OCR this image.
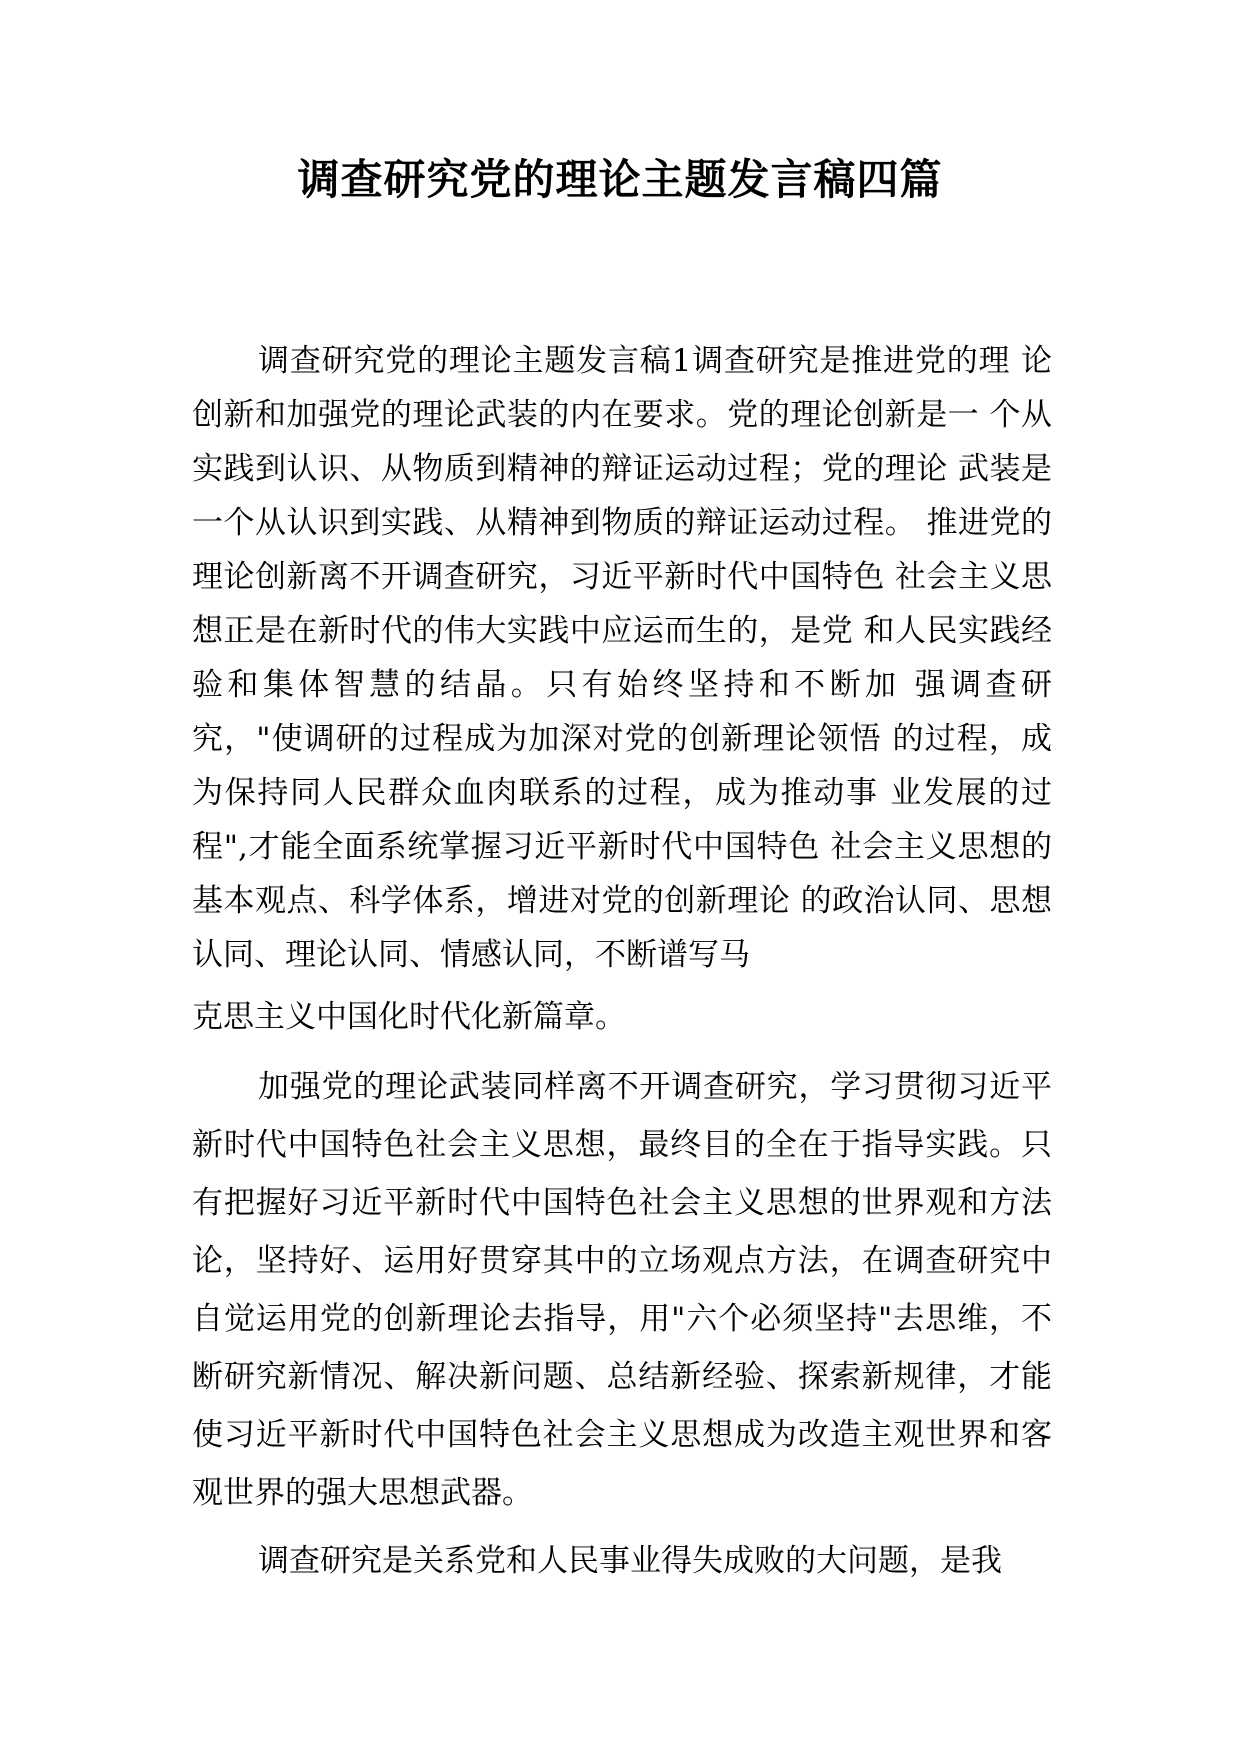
调查研究党的理论主题发言稿四篇

调查研究党的理论主题发言稿1调查研究是推进党的理 论创新和加强党的理论武装的内在要求。党的理论创新是一 个从实践到认识、从物质到精神的辩证运动过程；党的理论 武装是一个从认识到实践、从精神到物质的辩证运动过程。 推进党的理论创新离不开调查研究，习近平新时代中国特色 社会主义思想正是在新时代的伟大实践中应运而生的，是党 和人民实践经验和集体智慧的结晶。只有始终坚持和不断加 强调查研究，"使调研的过程成为加深对党的创新理论领悟 的过程，成为保持同人民群众血肉联系的过程，成为推动事 业发展的过程",才能全面系统掌握习近平新时代中国特色 社会主义思想的基本观点、科学体系，增进对党的创新理论 的政治认同、思想认同、理论认同、情感认同，不断谱写马

克思主义中国化时代化新篇章。

加强党的理论武装同样离不开调查研究，学习贯彻习近平新时代中国特色社会主义思想，最终目的全在于指导实践。只有把握好习近平新时代中国特色社会主义思想的世界观和方法论，坚持好、运用好贯穿其中的立场观点方法，在调查研究中自觉运用党的创新理论去指导，用"六个必须坚持"去思维，不断研究新情况、解决新问题、总结新经验、探索新规律，才能使习近平新时代中国特色社会主义思想成为改造主观世界和客观世界的强大思想武器。

调查研究是关系党和人民事业得失成败的大问题，是我
